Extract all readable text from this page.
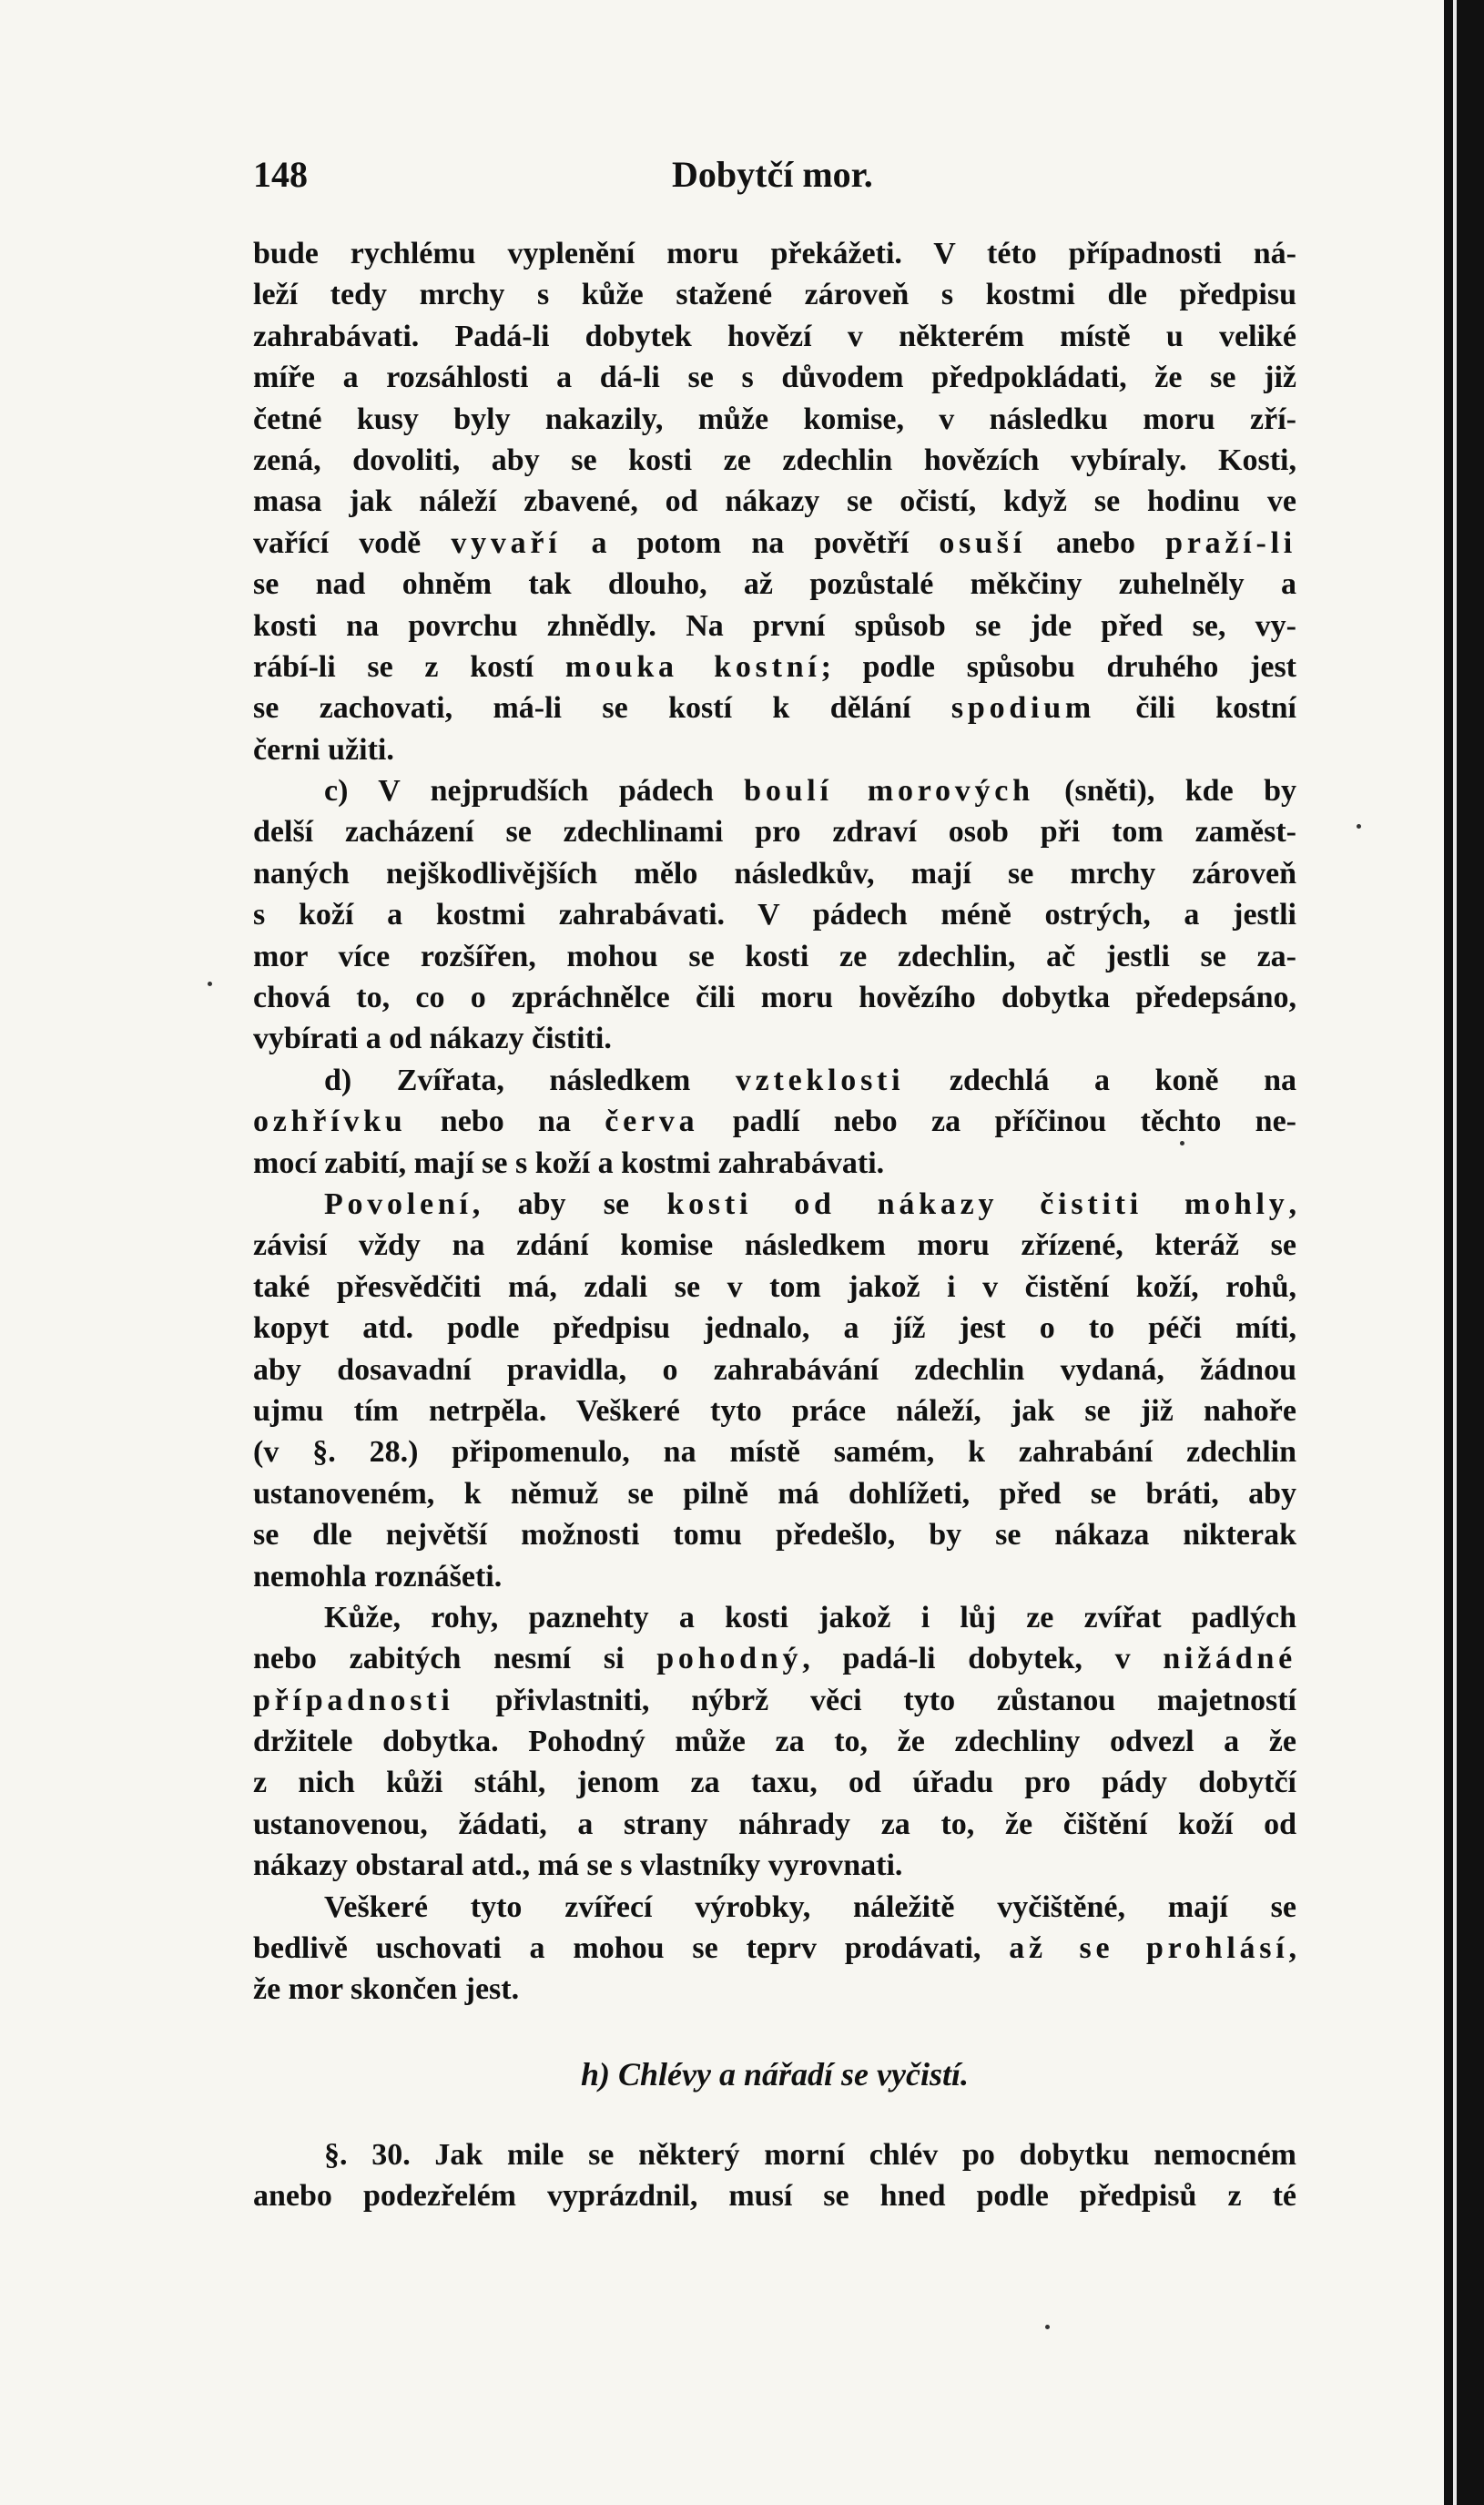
148	Dobytčí mor.
bude rychlému vyplenění moru překážeti. V této případnosti ná-
leží tedy mrchy s kůže stažené zároveň s kostmi dle předpisu
zahrabávati. Padá-li dobytek hovězí v některém místě u veliké
míře a rozsáhlosti a dá-li se s důvodem předpokládati, že se již
četné kusy byly nakazily, může komise, v následku moru zří-
zená, dovoliti, aby se kosti ze zdechlin hovězích vybíraly. Kosti,
masa jak náleží zbavené, od nákazy se očistí, když se hodinu ve
vařící vodě vyvaří a potom na povětří osuší anebo praží-li
se nad ohněm tak dlouho, až pozůstalé měkčiny zuhelněly a
kosti na povrchu zhnědly. Na první spůsob se jde před se, vy-
rábí-li se z kostí mouka kostní; podle spůsobu druhého jest
se zachovati, má-li se kostí k dělání spodium čili kostní
černi užiti.
c) V nejprudších pádech boulí morových (sněti), kde by
delší zacházení se zdechlinami pro zdraví osob při tom zaměst-
naných nejškodlivějších mělo následkův, mají se mrchy zároveň
s koží a kostmi zahrabávati. V pádech méně ostrých, a jestli
mor více rozšířen, mohou se kosti ze zdechlin, ač jestli se za-
chová to, co o zpráchnělce čili moru hovězího dobytka předepsáno,
vybírati a od nákazy čistiti.
d) Zvířata, následkem vzteklosti zdechlá a koně na
ozhřívku nebo na červa padlí nebo za příčinou těchto ne-
mocí zabití, mají se s koží a kostmi zahrabávati.
Povolení, aby se kosti od nákazy čistiti mohly,
závisí vždy na zdání komise následkem moru zřízené, kteráž se
také přesvědčiti má, zdali se v tom jakož i v čistění koží, rohů,
kopyt atd. podle předpisu jednalo, a jíž jest o to péči míti,
aby dosavadní pravidla, o zahrabávání zdechlin vydaná, žádnou
ujmu tím netrpěla. Veškeré tyto práce náleží, jak se již nahoře
(v §. 28.) připomenulo, na místě samém, k zahrabání zdechlin
ustanoveném, k němuž se pilně má dohlížeti, před se bráti, aby
se dle největší možnosti tomu předešlo, by se nákaza nikterak
nemohla roznášeti.
Kůže, rohy, paznehty a kosti jakož i lůj ze zvířat padlých
nebo zabitých nesmí si pohodný, padá-li dobytek, v nižádné
případnosti přivlastniti, nýbrž věci tyto zůstanou majetností
držitele dobytka. Pohodný může za to, že zdechliny odvezl a že
z nich kůži stáhl, jenom za taxu, od úřadu pro pády dobytčí
ustanovenou, žádati, a strany náhrady za to, že čištění koží od
nákazy obstaral atd., má se s vlastníky vyrovnati.
Veškeré tyto zvířecí výrobky, náležitě vyčištěné, mají se
bedlivě uschovati a mohou se teprv prodávati, až se prohlásí,
že mor skončen jest.
h) Chlévy a nářadí se vyčistí.
§. 30. Jak mile se některý morní chlév po dobytku nemocném
anebo podezřelém vyprázdnil, musí se hned podle předpisů z té
